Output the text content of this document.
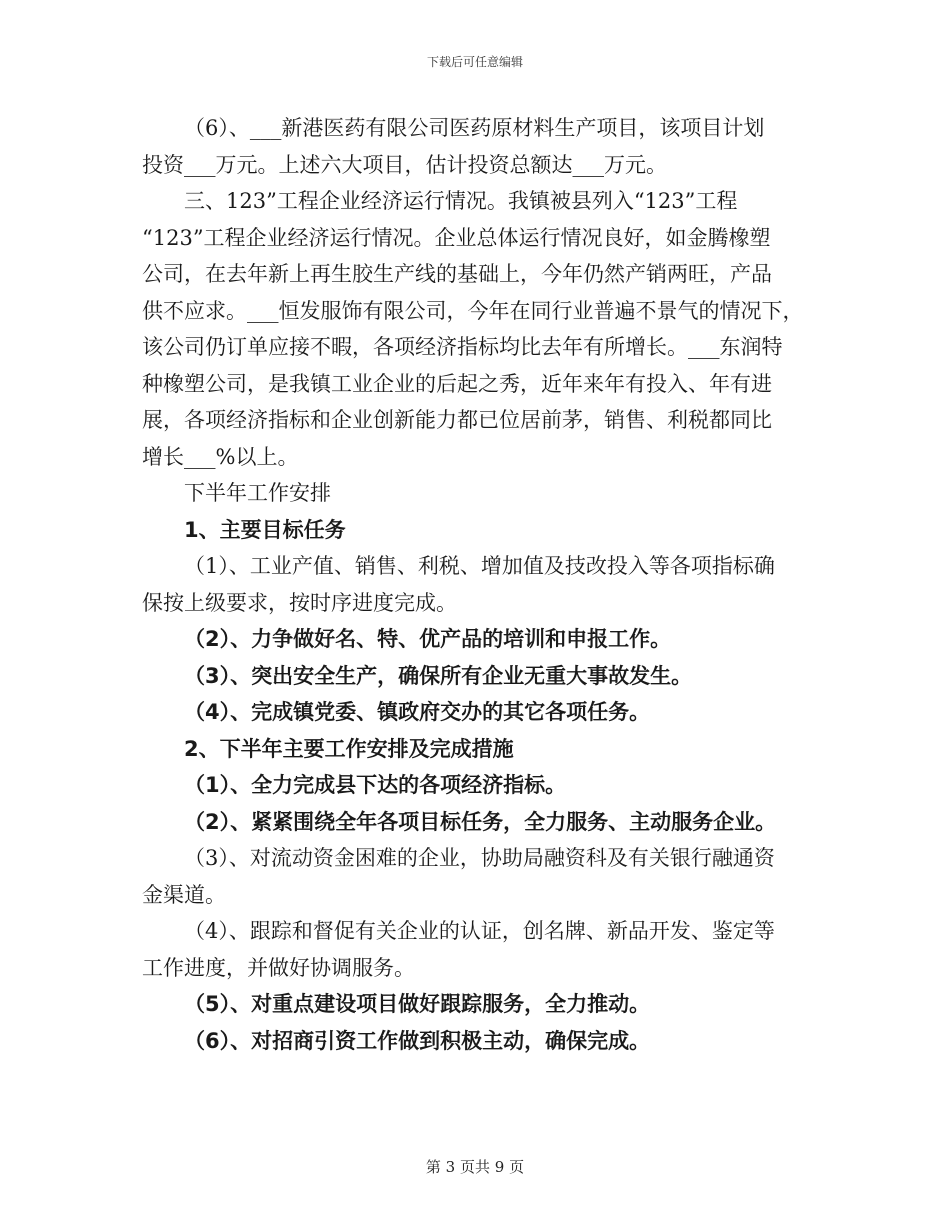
下载后可任意编辑
（6）、___新港医药有限公司医药原材料生产项目，该项目计划
投资___万元。上述六大项目，估计投资总额达___万元。
三、123”工程企业经济运行情况。我镇被县列入“123”工程
“123”工程企业经济运行情况。企业总体运行情况良好，如金腾橡塑
公司，在去年新上再生胶生产线的基础上，今年仍然产销两旺，产品
供不应求。___恒发服饰有限公司，今年在同行业普遍不景气的情况下，
该公司仍订单应接不暇，各项经济指标均比去年有所增长。___东润特
种橡塑公司，是我镇工业企业的后起之秀，近年来年有投入、年有进
展，各项经济指标和企业创新能力都已位居前茅，销售、利税都同比
增长___%以上。
下半年工作安排
1、主要目标任务
（1）、工业产值、销售、利税、增加值及技改投入等各项指标确
保按上级要求，按时序进度完成。
（2）、力争做好名、特、优产品的培训和申报工作。
（3）、突出安全生产，确保所有企业无重大事故发生。
（4）、完成镇党委、镇政府交办的其它各项任务。
2、下半年主要工作安排及完成措施
（1）、全力完成县下达的各项经济指标。
（2）、紧紧围绕全年各项目标任务，全力服务、主动服务企业。
（3）、对流动资金困难的企业，协助局融资科及有关银行融通资
金渠道。
（4）、跟踪和督促有关企业的认证，创名牌、新品开发、鉴定等
工作进度，并做好协调服务。
（5）、对重点建设项目做好跟踪服务，全力推动。
（6）、对招商引资工作做到积极主动，确保完成。
第 3 页共 9 页
